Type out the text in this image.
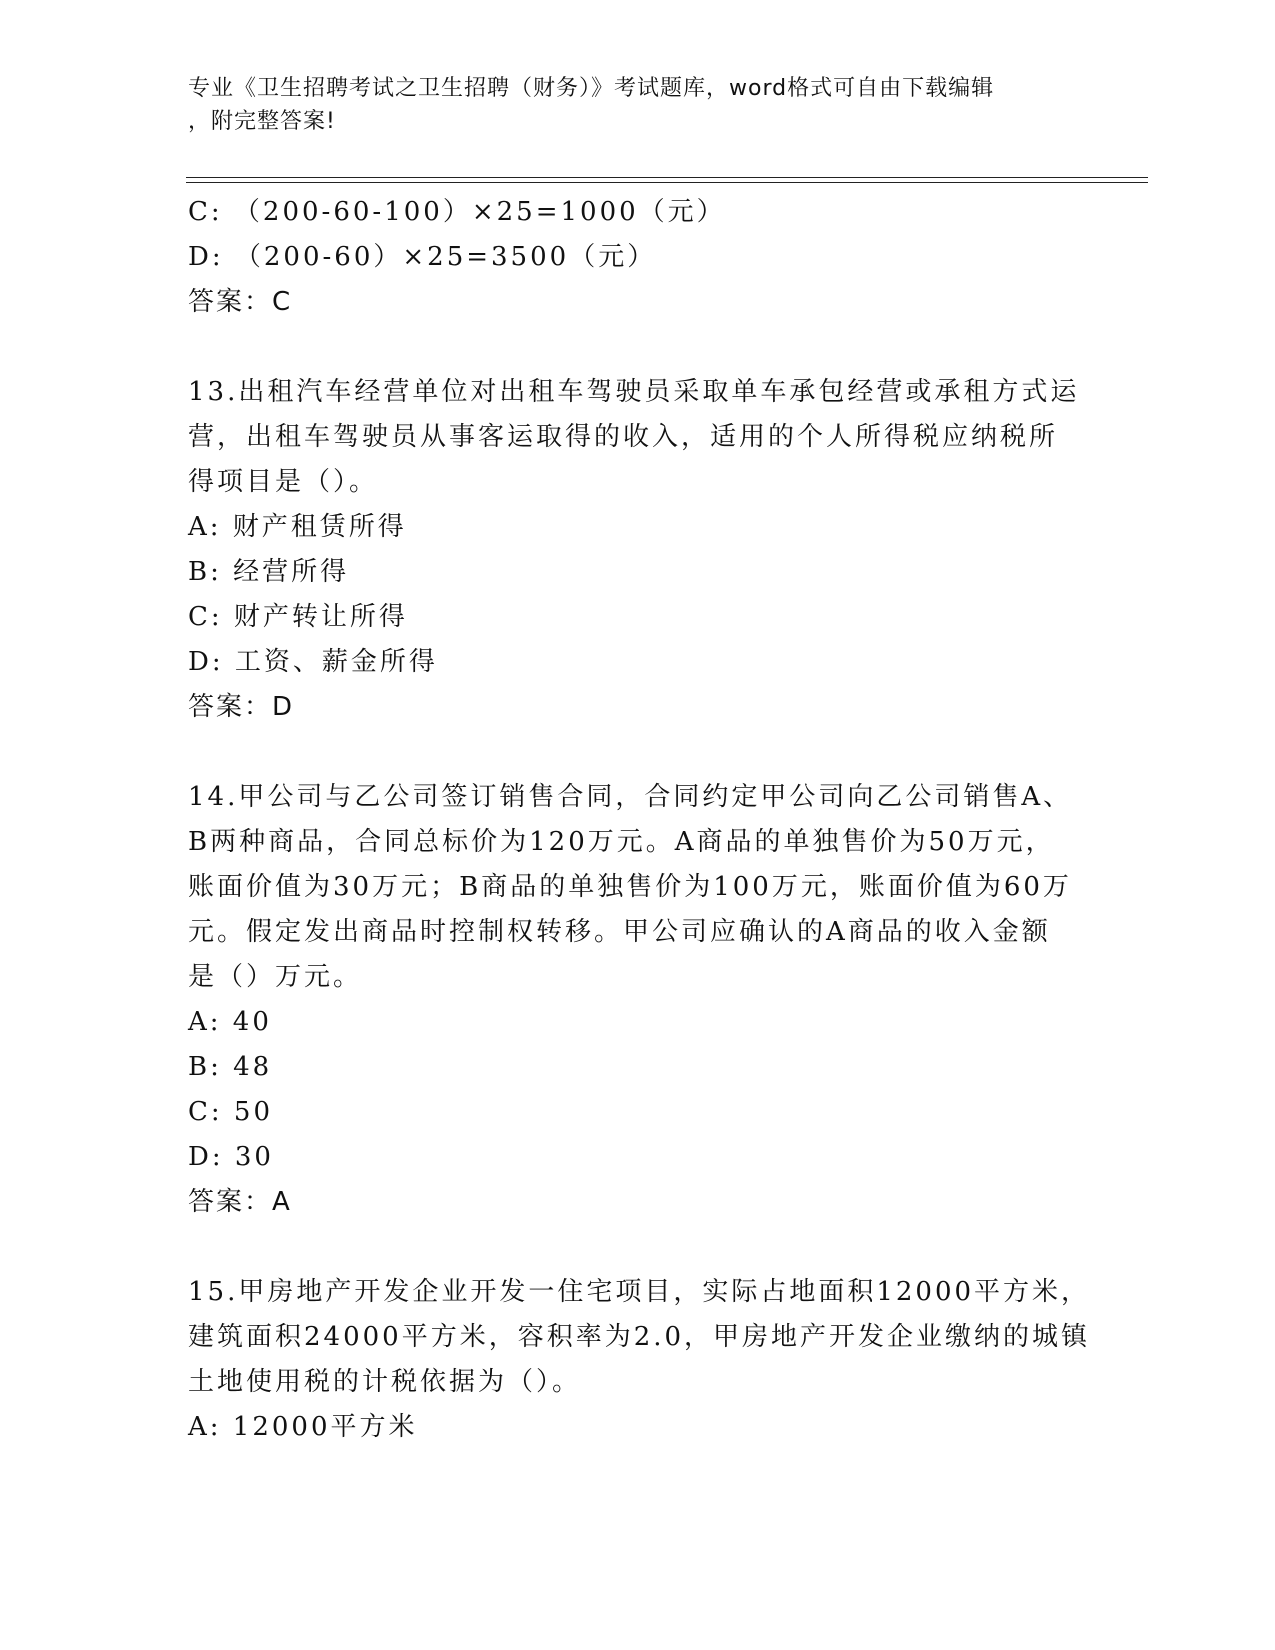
专业《卫生招聘考试之卫生招聘（财务）》考试题库，word格式可自由下载编辑
，附完整答案!
C: （200-60-100）×25=1000（元）
D: （200-60）×25=3500（元）
答案：C
13.出租汽车经营单位对出租车驾驶员采取单车承包经营或承租方式运
营，出租车驾驶员从事客运取得的收入，适用的个人所得税应纳税所
得项目是（）。
A: 财产租赁所得
B: 经营所得
C: 财产转让所得
D: 工资、薪金所得
答案：D
14.甲公司与乙公司签订销售合同，合同约定甲公司向乙公司销售A、
B两种商品，合同总标价为120万元。A商品的单独售价为50万元，
账面价值为30万元；B商品的单独售价为100万元，账面价值为60万
元。假定发出商品时控制权转移。甲公司应确认的A商品的收入金额
是（）万元。
A: 40
B: 48
C: 50
D: 30
答案：A
15.甲房地产开发企业开发一住宅项目，实际占地面积12000平方米，
建筑面积24000平方米，容积率为2.0，甲房地产开发企业缴纳的城镇
土地使用税的计税依据为（）。
A: 12000平方米
